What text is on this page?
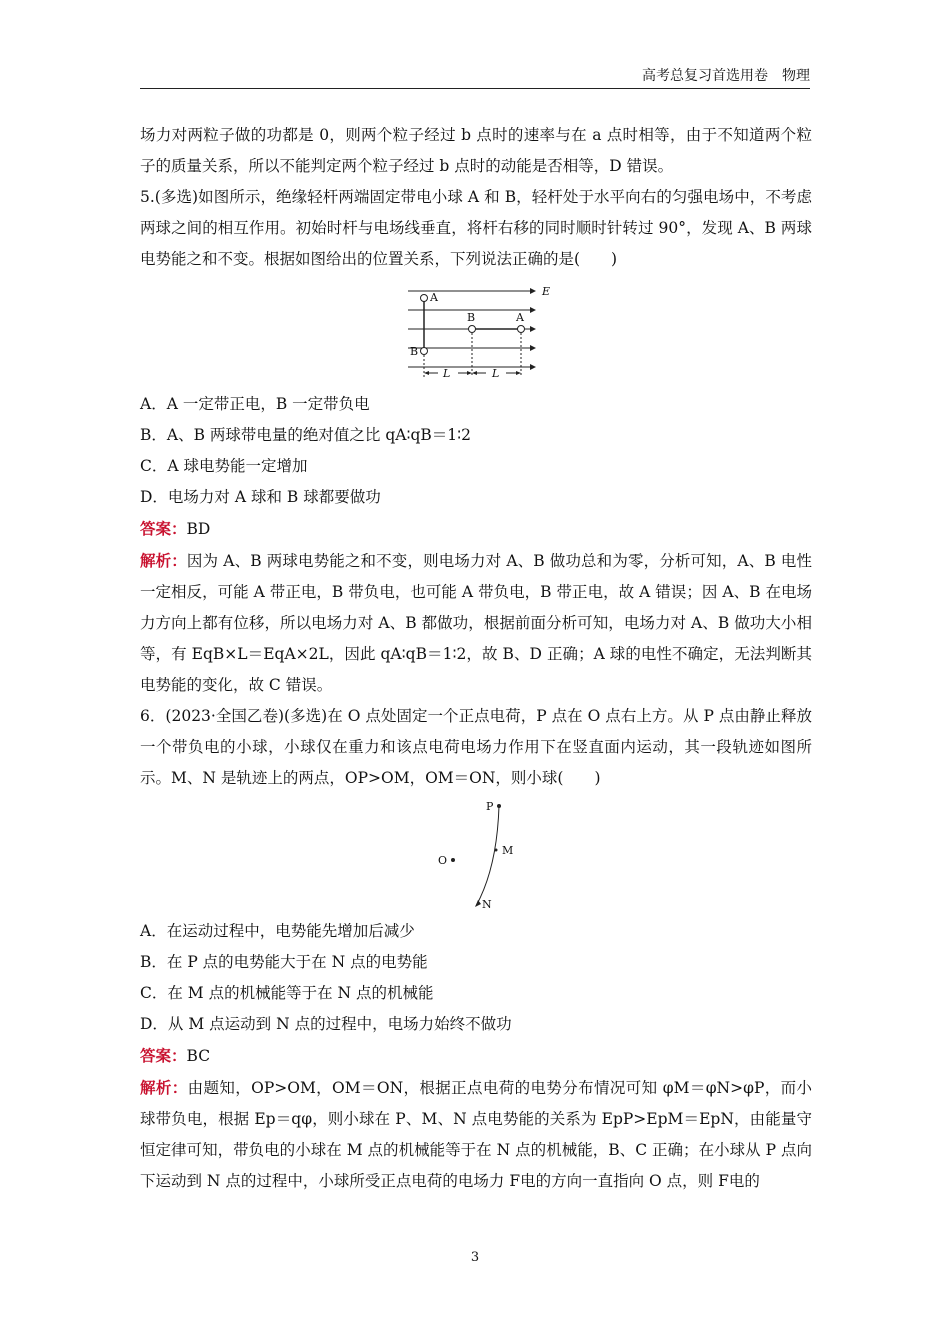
高考总复习首选用卷　物理

场力对两粒子做的功都是 0，则两个粒子经过 b 点时的速率与在 a 点时相等，由于不知道两个粒子的质量关系，所以不能判定两个粒子经过 b 点时的动能是否相等，D 错误。

5.(多选)如图所示，绝缘轻杆两端固定带电小球 A 和 B，轻杆处于水平向右的匀强电场中，不考虑两球之间的相互作用。初始时杆与电场线垂直，将杆右移的同时顺时针转过 90°，发现 A、B 两球电势能之和不变。根据如图给出的位置关系，下列说法正确的是(　　)

E
A
B
B	A
L	L

A．A 一定带正电，B 一定带负电

B．A、B 两球带电量的绝对值之比 qA∶qB＝1∶2

C．A 球电势能一定增加

D．电场力对 A 球和 B 球都要做功

答案：BD

解析：因为 A、B 两球电势能之和不变，则电场力对 A、B 做功总和为零，分析可知，A、B 电性一定相反，可能 A 带正电，B 带负电，也可能 A 带负电，B 带正电，故 A 错误；因 A、B 在电场力方向上都有位移，所以电场力对 A、B 都做功，根据前面分析可知，电场力对 A、B 做功大小相等，有 EqB×L＝EqA×2L，因此 qA∶qB＝1∶2，故 B、D 正确；A 球的电性不确定，无法判断其电势能的变化，故 C 错误。

6．(2023·全国乙卷)(多选)在 O 点处固定一个正点电荷，P 点在 O 点右上方。从 P 点由静止释放一个带负电的小球，小球仅在重力和该点电荷电场力作用下在竖直面内运动，其一段轨迹如图所示。M、N 是轨迹上的两点，OP>OM，OM＝ON，则小球(　　)

P
O
M
N

A．在运动过程中，电势能先增加后减少

B．在 P 点的电势能大于在 N 点的电势能

C．在 M 点的机械能等于在 N 点的机械能

D．从 M 点运动到 N 点的过程中，电场力始终不做功

答案：BC

解析：由题知，OP>OM，OM＝ON，根据正点电荷的电势分布情况可知 φM＝φN>φP，而小球带负电，根据 Ep＝qφ，则小球在 P、M、N 点电势能的关系为 EpP>EpM＝EpN，由能量守恒定律可知，带负电的小球在 M 点的机械能等于在 N 点的机械能，B、C 正确；在小球从 P 点向下运动到 N 点的过程中，小球所受正点电荷的电场力 F电的方向一直指向 O 点，则 F电的

3
